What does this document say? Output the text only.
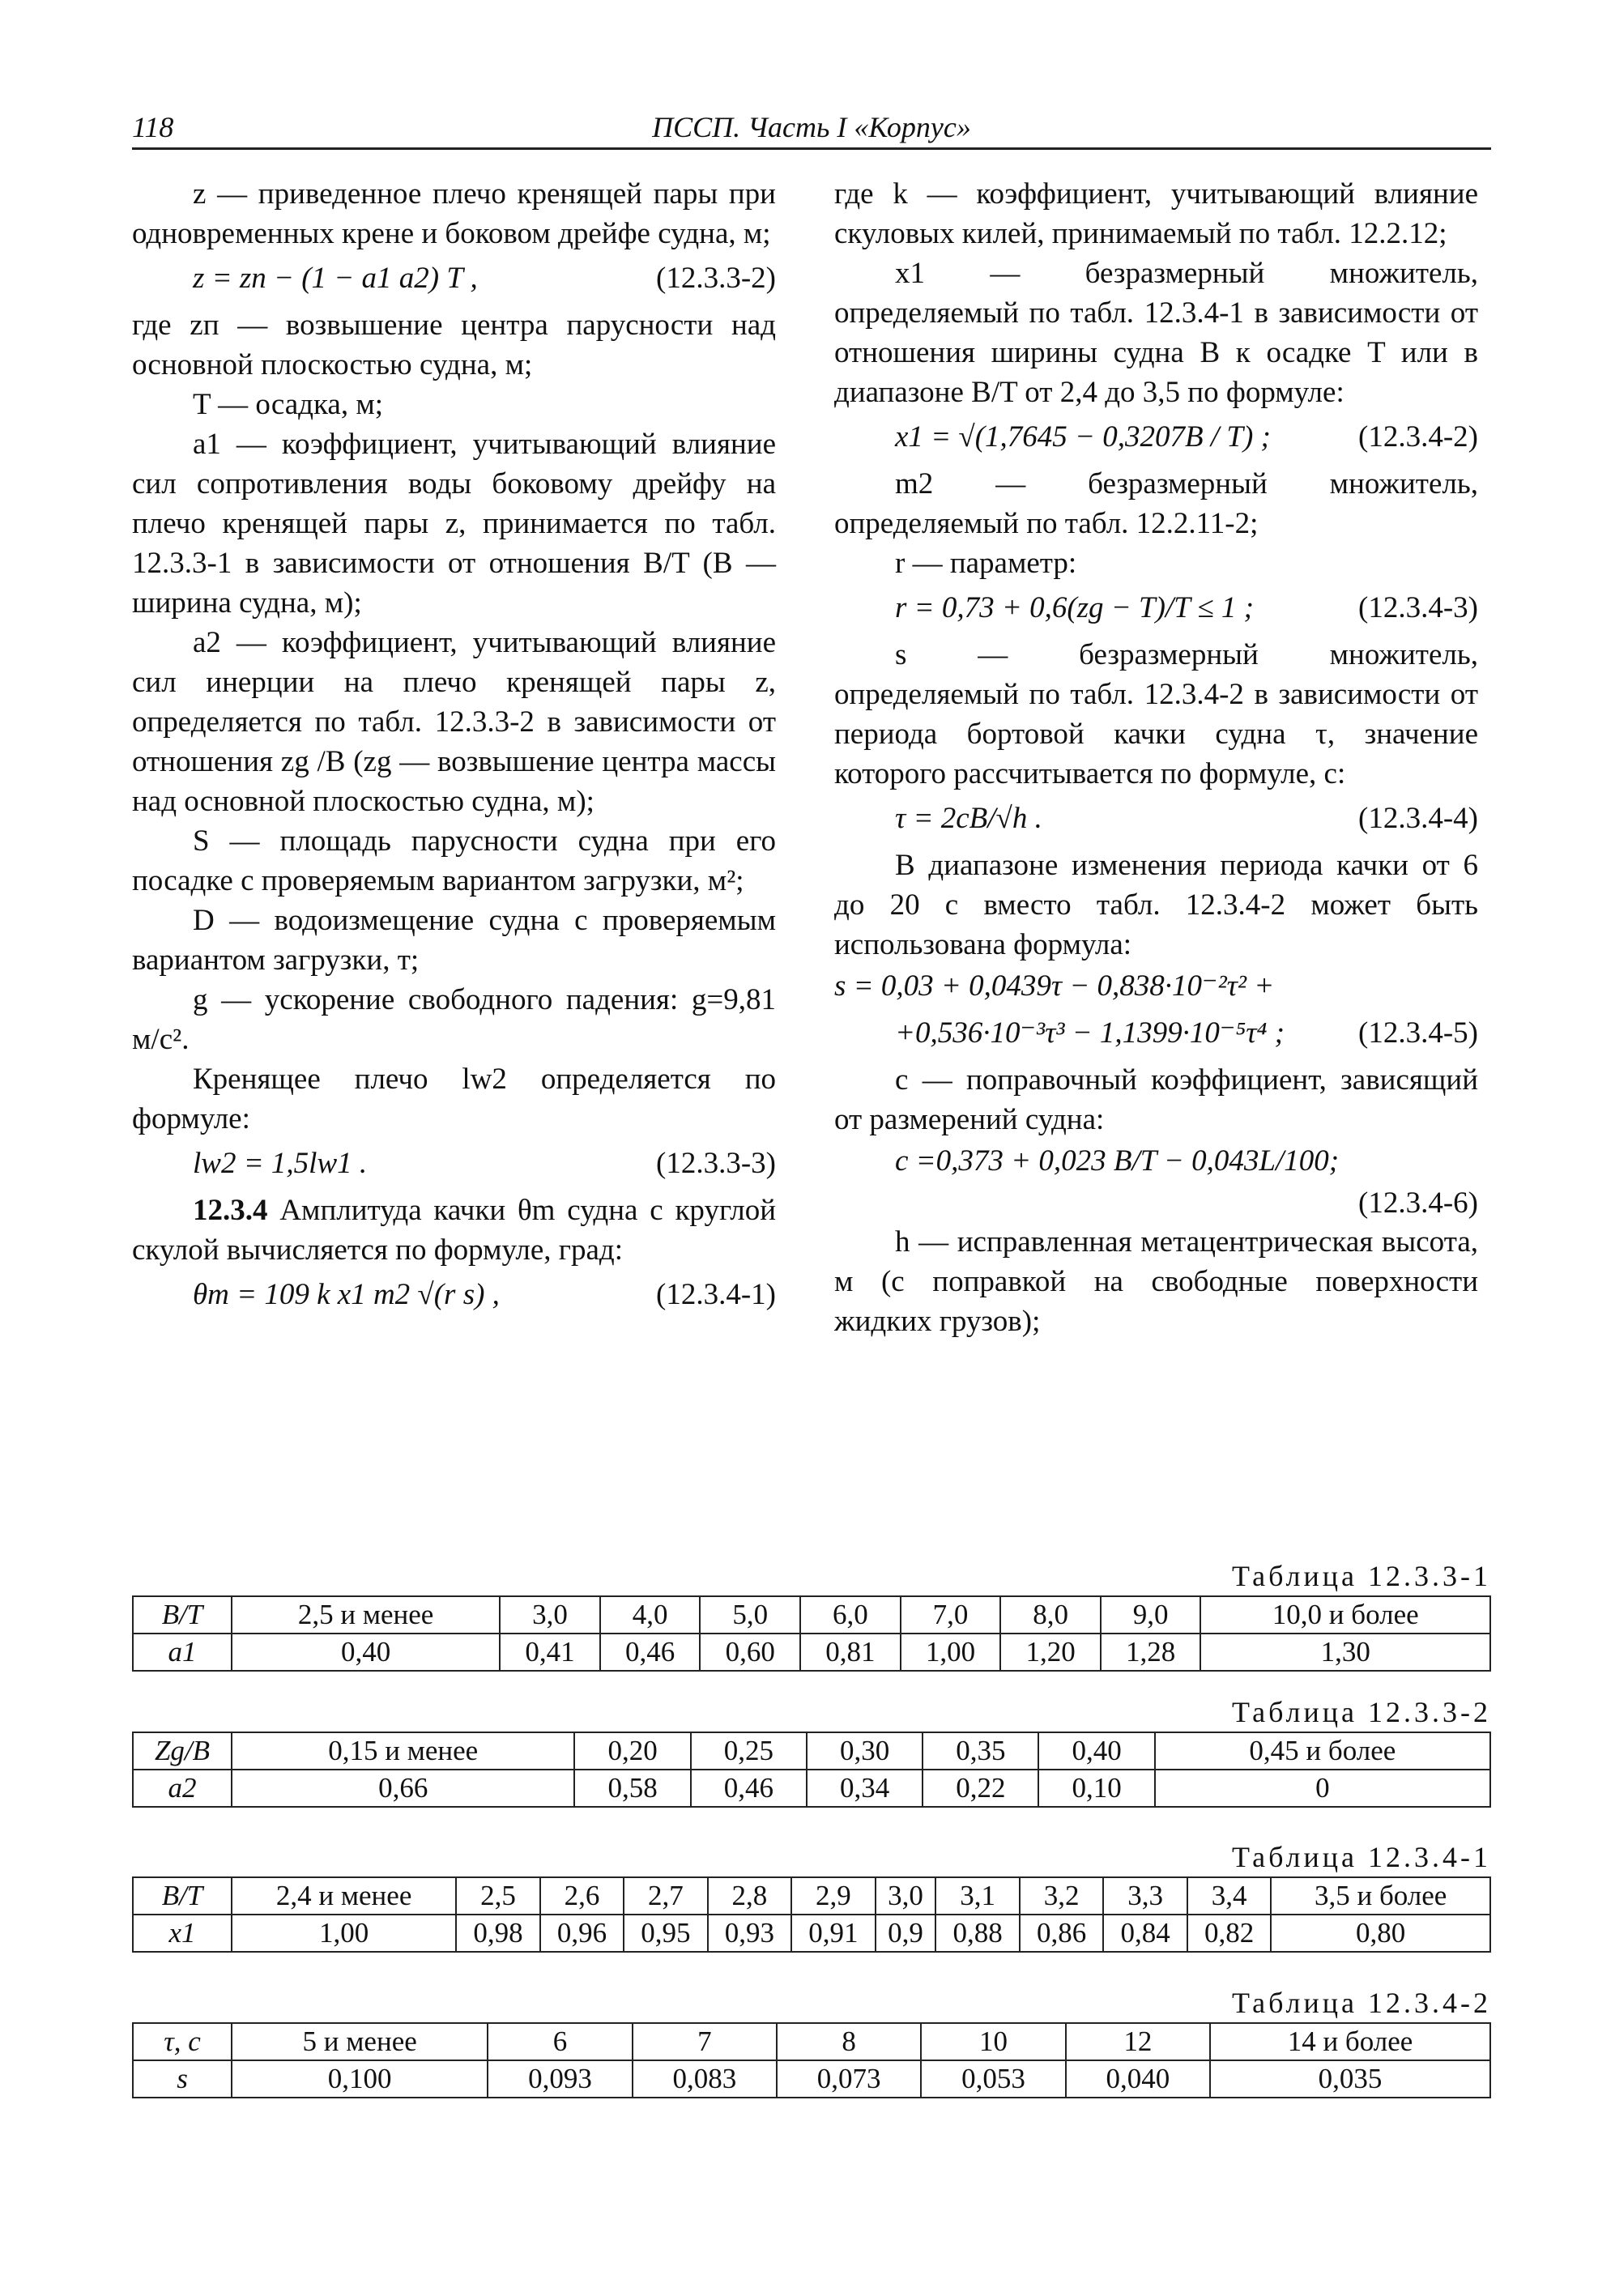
118	ПССП. Часть I «Корпус»

z — приведенное плечо кренящей пары при одновременных крене и боковом дрейфе судна, м;

z = zп − (1 − a1 a2) T ,	(12.3.3-2)

где zп — возвышение центра парусности над основной плоскостью судна, м;

T — осадка, м;

a1 — коэффициент, учитывающий влияние сил сопротивления воды боковому дрейфу на плечо кренящей пары z, принимается по табл. 12.3.3-1 в зависимости от отношения B/T (B — ширина судна, м);

a2 — коэффициент, учитывающий влияние сил инерции на плечо кренящей пары z, определяется по табл. 12.3.3-2 в зависимости от отношения zg /B (zg — возвышение центра массы над основной плоскостью судна, м);

S — площадь парусности судна при его посадке с проверяемым вариантом загрузки, м²;

D — водоизмещение судна с проверяемым вариантом загрузки, т;

g — ускорение свободного падения: g=9,81 м/с².

Кренящее плечо lw2 определяется по формуле:

lw2 = 1,5lw1 .	(12.3.3-3)

12.3.4 Амплитуда качки θm судна с круглой скулой вычисляется по формуле, град:

θm = 109 k x1 m2 √(r s) ,	(12.3.4-1)

где k — коэффициент, учитывающий влияние скуловых килей, принимаемый по табл. 12.2.12;

x1 — безразмерный множитель, определяемый по табл. 12.3.4-1 в зависимости от отношения ширины судна B к осадке T или в диапазоне B/T от 2,4 до 3,5 по формуле:

x1 = √(1,7645 − 0,3207B / T) ;	(12.3.4-2)

m2 — безразмерный множитель, определяемый по табл. 12.2.11-2;

r — параметр:

r = 0,73 + 0,6(zg − T)/T ≤ 1 ;	(12.3.4-3)

s — безразмерный множитель, определяемый по табл. 12.3.4-2 в зависимости от периода бортовой качки судна τ, значение которого рассчитывается по формуле, с:

τ = 2cB/√h .	(12.3.4-4)

В диапазоне изменения периода качки от 6 до 20 с вместо табл. 12.3.4-2 может быть использована формула:

s = 0,03 + 0,0439τ − 0,838·10⁻²τ² +
+0,536·10⁻³τ³ − 1,1399·10⁻⁵τ⁴ ; (12.3.4-5)

c — поправочный коэффициент, зависящий от размерений судна:

c =0,373 + 0,023 B/T − 0,043L/100;
(12.3.4-6)

h — исправленная метацентрическая высота, м (с поправкой на свободные поверхности жидких грузов);

Таблица 12.3.3-1
B/T	2,5 и менее	3,0	4,0	5,0	6,0	7,0	8,0	9,0	10,0 и более
a1	0,40	0,41	0,46	0,60	0,81	1,00	1,20	1,28	1,30
Таблица 12.3.3-2
Zg/B	0,15 и менее	0,20	0,25	0,30	0,35	0,40	0,45 и более
a2	0,66	0,58	0,46	0,34	0,22	0,10	0
Таблица 12.3.4-1
B/T	2,4 и менее	2,5	2,6	2,7	2,8	2,9	3,0	3,1	3,2	3,3	3,4	3,5 и более
x1	1,00	0,98	0,96	0,95	0,93	0,91	0,9	0,88	0,86	0,84	0,82	0,80
Таблица 12.3.4-2
τ, с	5 и менее	6	7	8	10	12	14 и более
s	0,100	0,093	0,083	0,073	0,053	0,040	0,035
